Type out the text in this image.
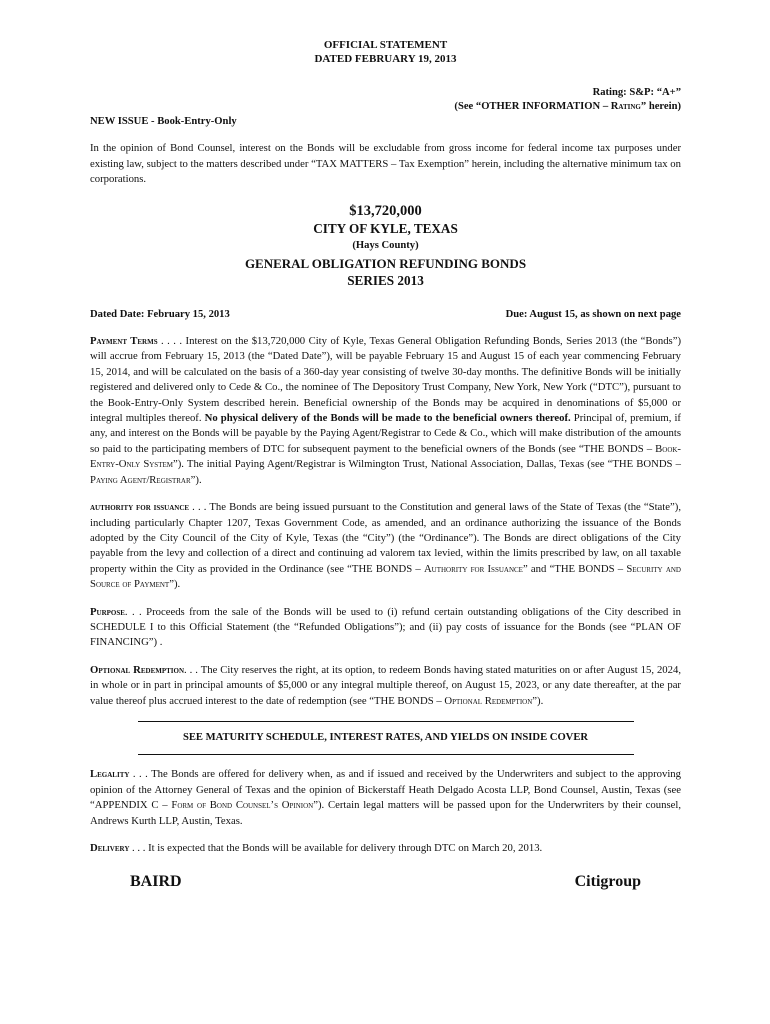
OFFICIAL STATEMENT
DATED FEBRUARY 19, 2013
Rating: S&P: “A+”
(See “OTHER INFORMATION – Rating” herein)
NEW ISSUE - Book-Entry-Only

In the opinion of Bond Counsel, interest on the Bonds will be excludable from gross income for federal income tax purposes under existing law, subject to the matters described under “TAX MATTERS – Tax Exemption” herein, including the alternative minimum tax on corporations.

$13,720,000
CITY OF KYLE, TEXAS
(Hays County)
GENERAL OBLIGATION REFUNDING BONDS
SERIES 2013
Dated Date: February 15, 2013	Due: August 15, as shown on next page

Payment Terms . . . . Interest on the $13,720,000 City of Kyle, Texas General Obligation Refunding Bonds, Series 2013 (the “Bonds”) will accrue from February 15, 2013 (the “Dated Date”), will be payable February 15 and August 15 of each year commencing February 15, 2014, and will be calculated on the basis of a 360-day year consisting of twelve 30-day months. The definitive Bonds will be initially registered and delivered only to Cede & Co., the nominee of The Depository Trust Company, New York, New York (“DTC”), pursuant to the Book-Entry-Only System described herein. Beneficial ownership of the Bonds may be acquired in denominations of $5,000 or integral multiples thereof. No physical delivery of the Bonds will be made to the beneficial owners thereof. Principal of, premium, if any, and interest on the Bonds will be payable by the Paying Agent/Registrar to Cede & Co., which will make distribution of the amounts so paid to the participating members of DTC for subsequent payment to the beneficial owners of the Bonds (see “THE BONDS – Book-Entry-Only System”). The initial Paying Agent/Registrar is Wilmington Trust, National Association, Dallas, Texas (see “THE BONDS – Paying Agent/Registrar”).

authority for issuance . . . The Bonds are being issued pursuant to the Constitution and general laws of the State of Texas (the “State”), including particularly Chapter 1207, Texas Government Code, as amended, and an ordinance authorizing the issuance of the Bonds adopted by the City Council of the City of Kyle, Texas (the “City”) (the “Ordinance”). The Bonds are direct obligations of the City payable from the levy and collection of a direct and continuing ad valorem tax levied, within the limits prescribed by law, on all taxable property within the City as provided in the Ordinance (see “THE BONDS – Authority for Issuance” and “THE BONDS – Security and Source of Payment”).

Purpose. . . Proceeds from the sale of the Bonds will be used to (i) refund certain outstanding obligations of the City described in SCHEDULE I to this Official Statement (the “Refunded Obligations”); and (ii) pay costs of issuance for the Bonds (see “PLAN OF FINANCING”) .

Optional Redemption. . . The City reserves the right, at its option, to redeem Bonds having stated maturities on or after August 15, 2024, in whole or in part in principal amounts of $5,000 or any integral multiple thereof, on August 15, 2023, or any date thereafter, at the par value thereof plus accrued interest to the date of redemption (see “THE BONDS – Optional Redemption”).

SEE MATURITY SCHEDULE, INTEREST RATES, AND YIELDS ON INSIDE COVER

Legality . . . The Bonds are offered for delivery when, as and if issued and received by the Underwriters and subject to the approving opinion of the Attorney General of Texas and the opinion of Bickerstaff Heath Delgado Acosta LLP, Bond Counsel, Austin, Texas (see “APPENDIX C – Form of Bond Counsel’s Opinion”). Certain legal matters will be passed upon for the Underwriters by their counsel, Andrews Kurth LLP, Austin, Texas.

Delivery . . . It is expected that the Bonds will be available for delivery through DTC on March 20, 2013.

BAIRD	Citigroup
